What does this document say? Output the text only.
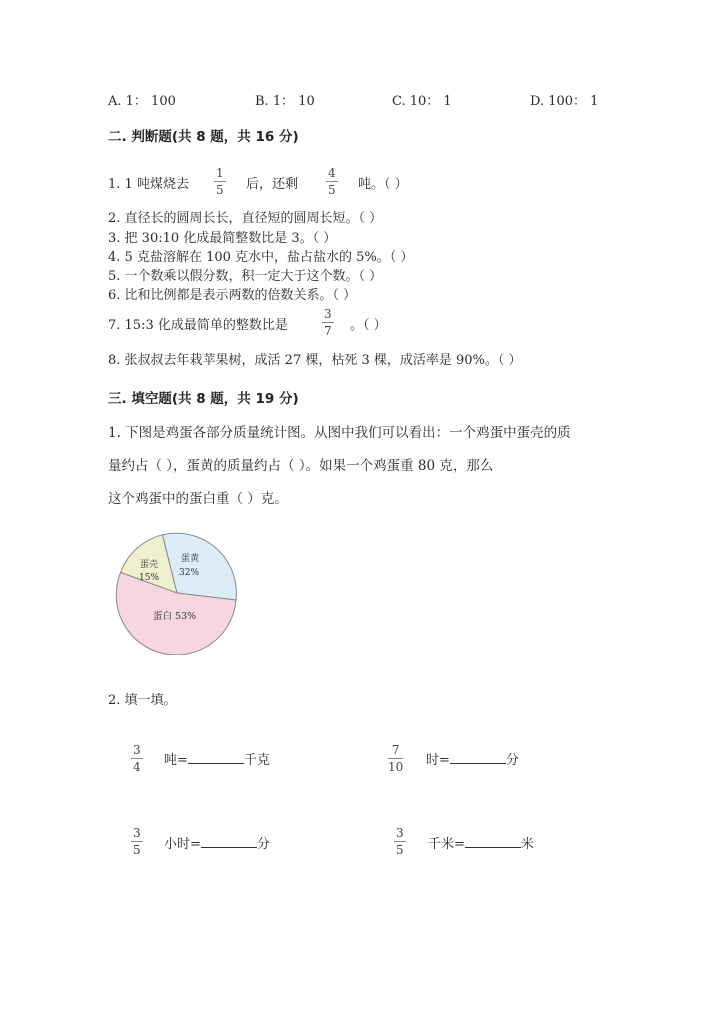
A. 1： 100	B. 1： 10	C. 10： 1	D. 100： 1
二. 判断题(共 8 题，共 16 分)
1. 1 吨煤烧去
1
5 后，还剩
4
5 吨。（ ）
2. 直径长的圆周长长，直径短的圆周长短。（ ）
3. 把 30:10 化成最简整数比是 3。（ ）
4. 5 克盐溶解在 100 克水中，盐占盐水的 5%。（ ）
5. 一个数乘以假分数，积一定大于这个数。（ ）
6. 比和比例都是表示两数的倍数关系。（ ）
7. 15:3 化成最简单的整数比是
3
7 。（ ）
8. 张叔叔去年栽苹果树，成活 27 棵，枯死 3 棵，成活率是 90%。（ ）
三. 填空题(共 8 题，共 19 分)
1. 下图是鸡蛋各部分质量统计图。从图中我们可以看出：一个鸡蛋中蛋壳的质
量约占（ ），蛋黄的质量约占（ ）。如果一个鸡蛋重 80 克，那么
这个鸡蛋中的蛋白重（ ）克。
蛋壳
15%
蛋黄
32%
蛋白 53%
2. 填一填。
3
4 吨=	千克
7
10 时=	分
3
5 小时=	分
3
5 千米=	米
